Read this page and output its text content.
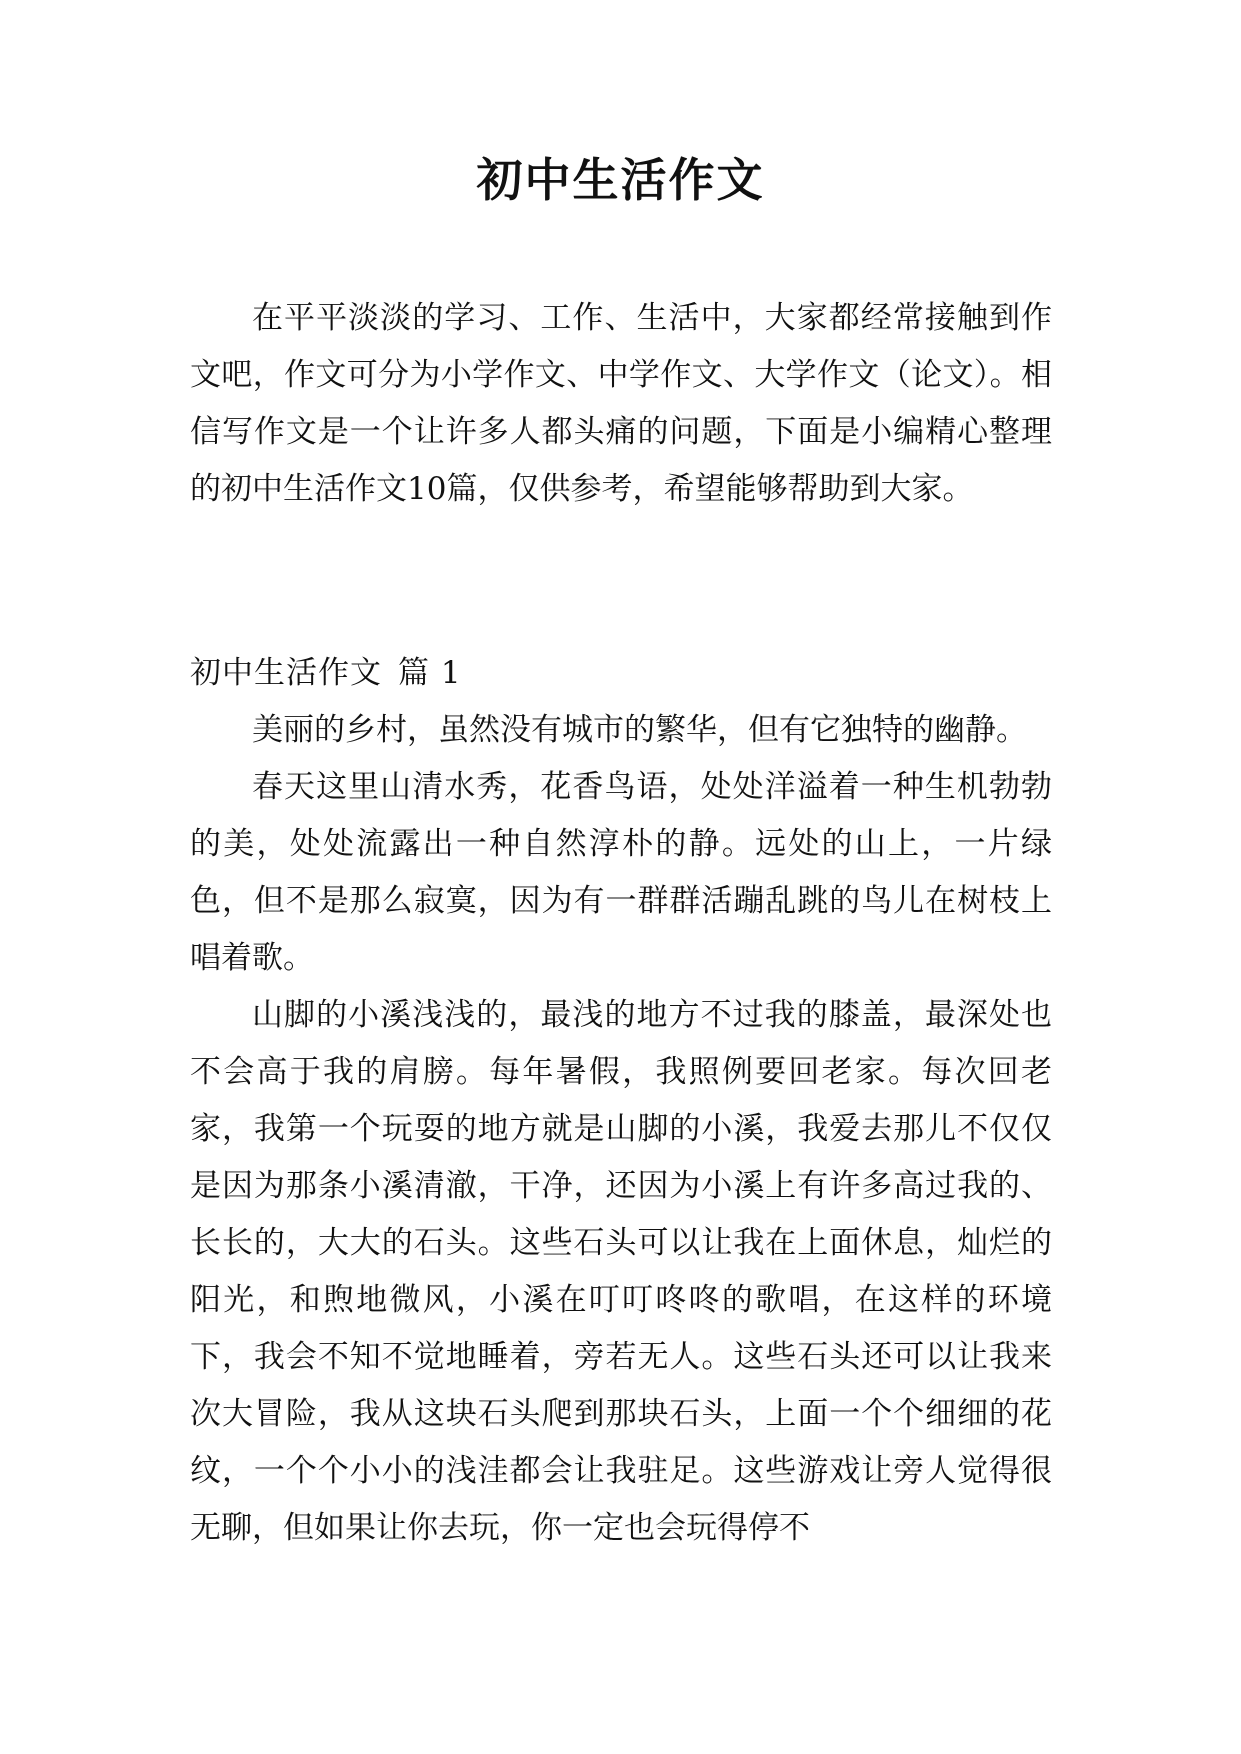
初中生活作文

在平平淡淡的学习、工作、生活中，大家都经常接触到作文吧，作文可分为小学作文、中学作文、大学作文（论文）。相信写作文是一个让许多人都头痛的问题，下面是小编精心整理的初中生活作文10篇，仅供参考，希望能够帮助到大家。

初中生活作文 篇 1

美丽的乡村，虽然没有城市的繁华，但有它独特的幽静。

春天这里山清水秀，花香鸟语，处处洋溢着一种生机勃勃的美，处处流露出一种自然淳朴的静。远处的山上，一片绿色，但不是那么寂寞，因为有一群群活蹦乱跳的鸟儿在树枝上唱着歌。

山脚的小溪浅浅的，最浅的地方不过我的膝盖，最深处也不会高于我的肩膀。每年暑假，我照例要回老家。每次回老家，我第一个玩耍的地方就是山脚的小溪，我爱去那儿不仅仅是因为那条小溪清澈，干净，还因为小溪上有许多高过我的、长长的，大大的石头。这些石头可以让我在上面休息，灿烂的阳光，和煦地微风，小溪在叮叮咚咚的歌唱，在这样的环境下，我会不知不觉地睡着，旁若无人。这些石头还可以让我来次大冒险，我从这块石头爬到那块石头，上面一个个细细的花纹，一个个小小的浅洼都会让我驻足。这些游戏让旁人觉得很无聊，但如果让你去玩，你一定也会玩得停不
